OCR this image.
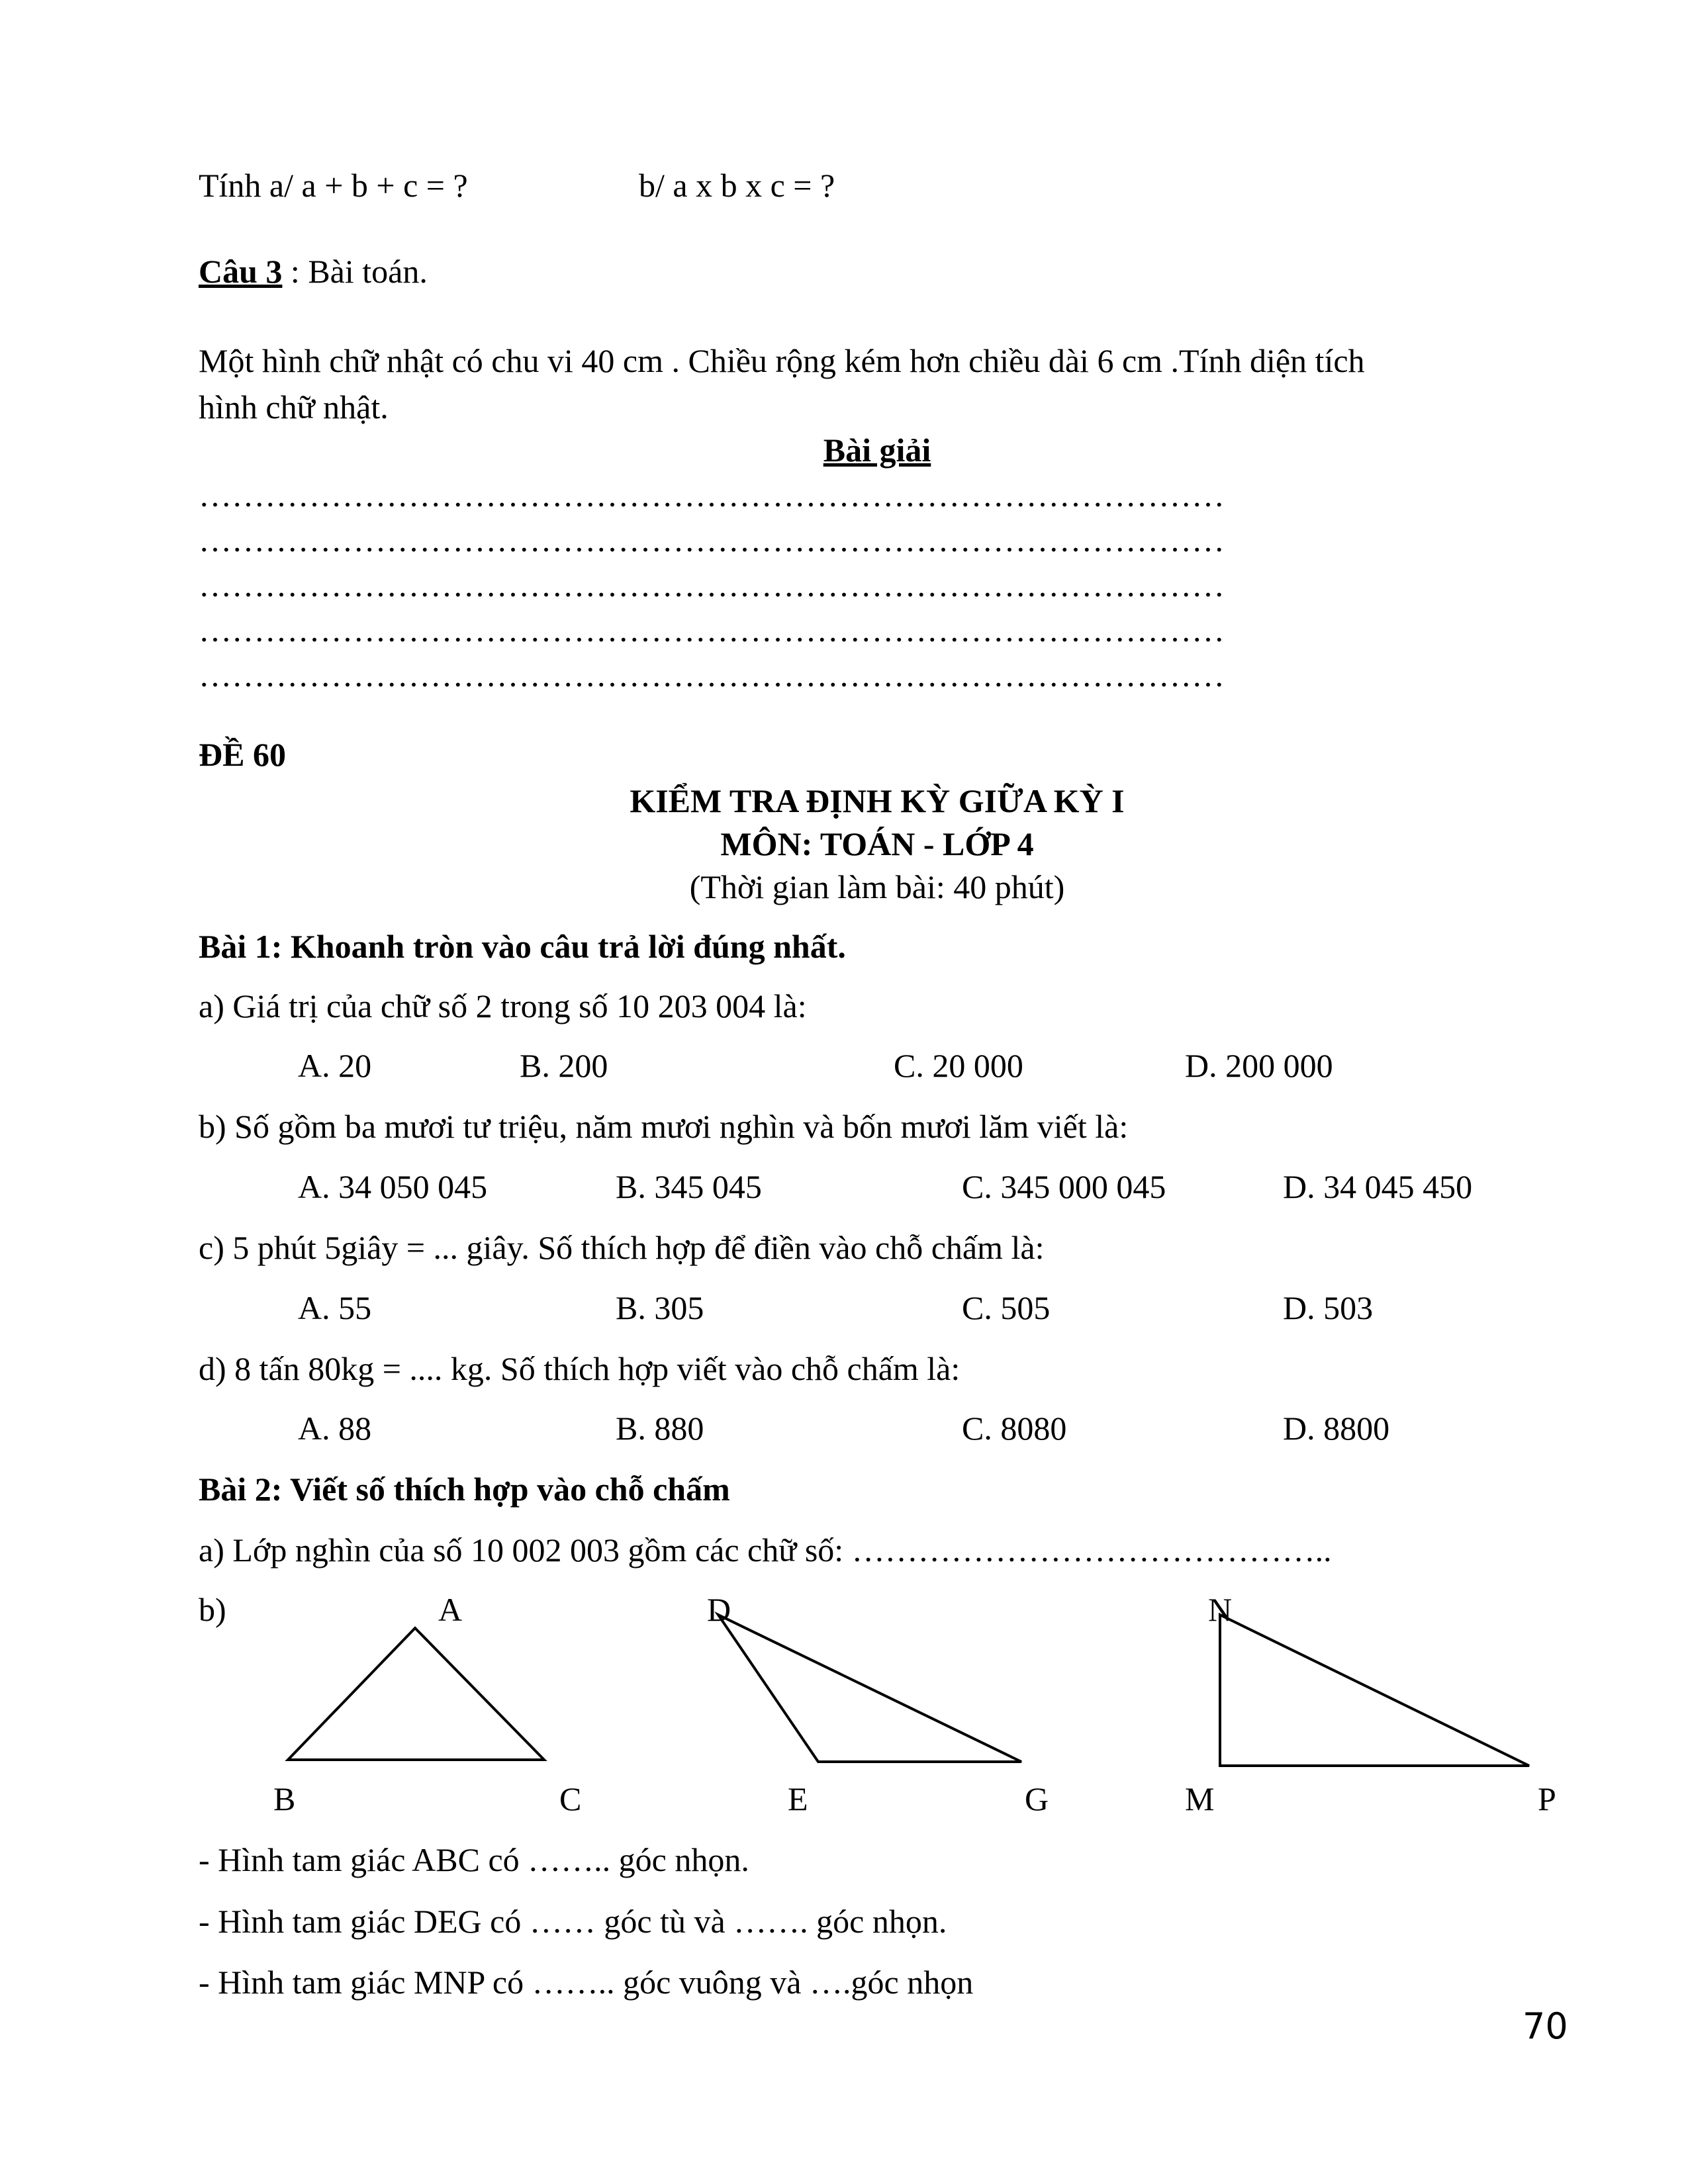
Tính a/ a + b + c = ?	b/ a x b x c = ?
Câu 3 : Bài toán.
Một hình chữ nhật có chu vi 40 cm . Chiều rộng kém hơn chiều dài 6 cm .Tính diện tích
hình chữ nhật.
Bài giải
…………………………………………………………………………………
…………………………………………………………………………………
…………………………………………………………………………………
…………………………………………………………………………………
…………………………………………………………………………………
ĐỀ 60
KIỂM TRA ĐỊNH KỲ GIỮA KỲ I
MÔN: TOÁN - LỚP 4
(Thời gian làm bài: 40 phút)
Bài 1: Khoanh tròn vào câu trả lời đúng nhất.
a) Giá trị của chữ số 2 trong số 10 203 004 là:
A. 20	B. 200	C. 20 000	D. 200 000
b) Số gồm ba mươi tư triệu, năm mươi nghìn và bốn mươi lăm viết là:
A. 34 050 045	B. 345 045	C. 345 000 045	D. 34 045 450
c) 5 phút 5giây = ... giây. Số thích hợp để điền vào chỗ chấm là:
A. 55	B. 305	C. 505	D. 503
d) 8 tấn 80kg = .... kg. Số thích hợp viết vào chỗ chấm là:
A. 88	B. 880	C. 8080	D. 8800
Bài 2: Viết số thích hợp vào chỗ chấm
a) Lớp nghìn của số 10 002 003 gồm các chữ số: ……………………………………..
b)	A	D	N
B	C	E	G	M	P
- Hình tam giác ABC có …….. góc nhọn.
- Hình tam giác DEG có …… góc tù và ……. góc nhọn.
- Hình tam giác MNP có …….. góc vuông và ….góc nhọn
70
